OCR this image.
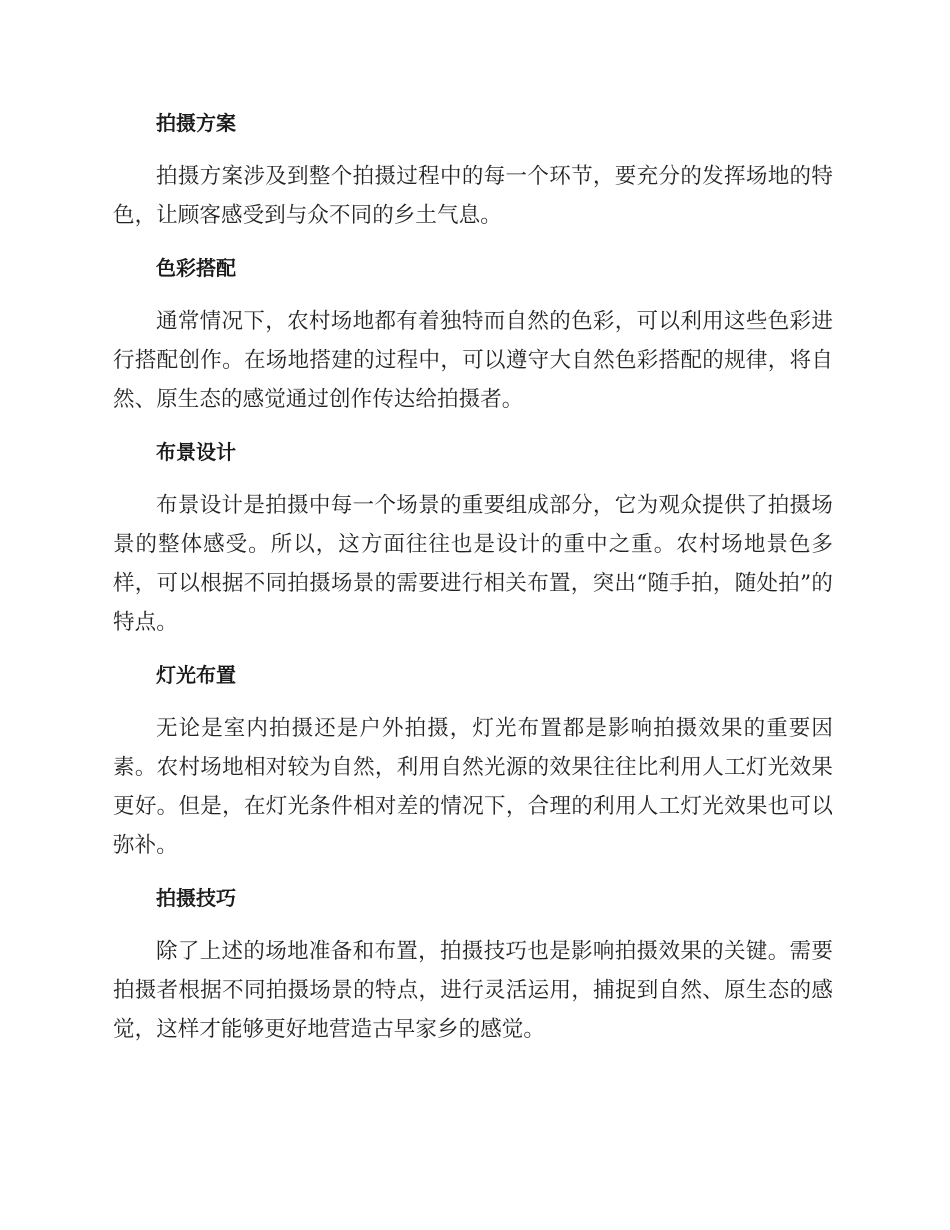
拍摄方案

拍摄方案涉及到整个拍摄过程中的每一个环节，要充分的发挥场地的特色，让顾客感受到与众不同的乡土气息。

色彩搭配

通常情况下，农村场地都有着独特而自然的色彩，可以利用这些色彩进行搭配创作。在场地搭建的过程中，可以遵守大自然色彩搭配的规律，将自然、原生态的感觉通过创作传达给拍摄者。

布景设计

布景设计是拍摄中每一个场景的重要组成部分，它为观众提供了拍摄场景的整体感受。所以，这方面往往也是设计的重中之重。农村场地景色多样，可以根据不同拍摄场景的需要进行相关布置，突出“随手拍，随处拍”的特点。

灯光布置

无论是室内拍摄还是户外拍摄，灯光布置都是影响拍摄效果的重要因素。农村场地相对较为自然，利用自然光源的效果往往比利用人工灯光效果更好。但是，在灯光条件相对差的情况下，合理的利用人工灯光效果也可以弥补。

拍摄技巧

除了上述的场地准备和布置，拍摄技巧也是影响拍摄效果的关键。需要拍摄者根据不同拍摄场景的特点，进行灵活运用，捕捉到自然、原生态的感觉，这样才能够更好地营造古早家乡的感觉。
